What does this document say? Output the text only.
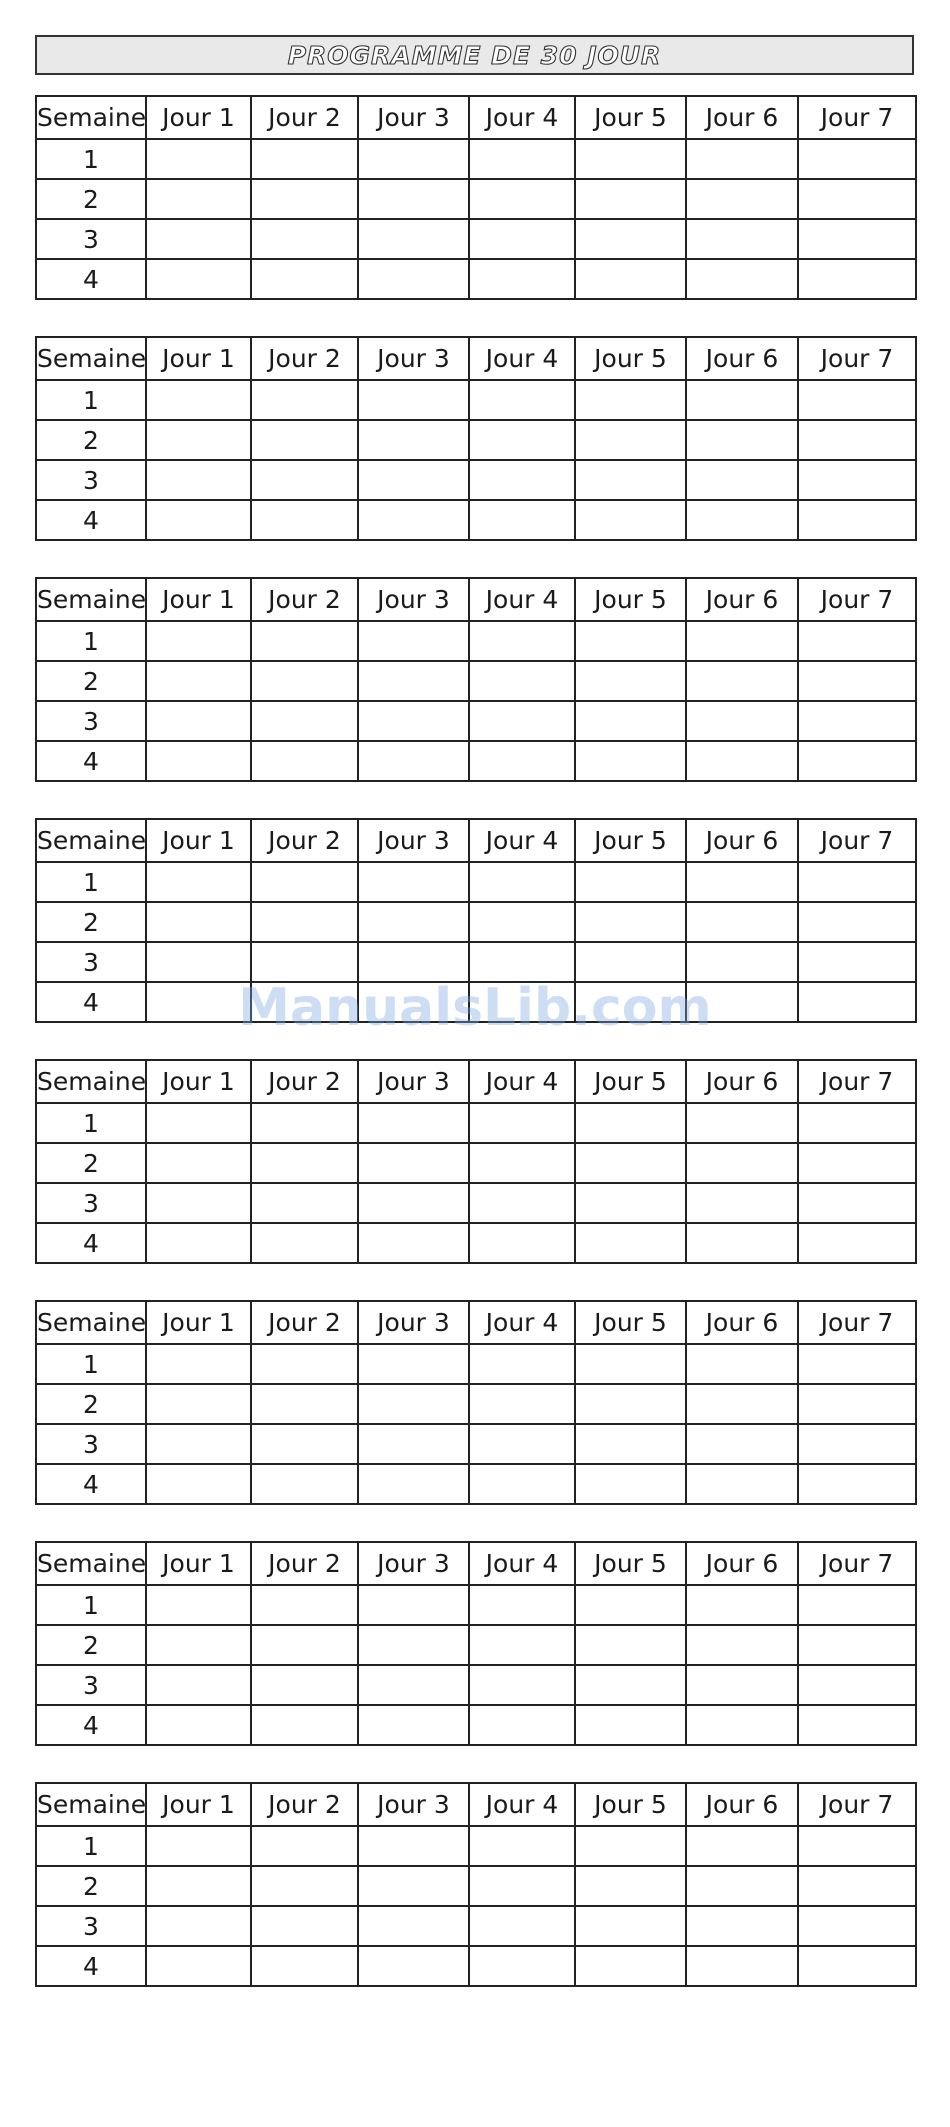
PROGRAMME DE 30 JOUR
Semaine	Jour 1	Jour 2	Jour 3	Jour 4	Jour 5	Jour 6	Jour 7
1							
2							
3							
4							
Semaine	Jour 1	Jour 2	Jour 3	Jour 4	Jour 5	Jour 6	Jour 7
1							
2							
3							
4							
Semaine	Jour 1	Jour 2	Jour 3	Jour 4	Jour 5	Jour 6	Jour 7
1							
2							
3							
4							
Semaine	Jour 1	Jour 2	Jour 3	Jour 4	Jour 5	Jour 6	Jour 7
1							
2							
3							
4							
Semaine	Jour 1	Jour 2	Jour 3	Jour 4	Jour 5	Jour 6	Jour 7
1							
2							
3							
4							
Semaine	Jour 1	Jour 2	Jour 3	Jour 4	Jour 5	Jour 6	Jour 7
1							
2							
3							
4							
Semaine	Jour 1	Jour 2	Jour 3	Jour 4	Jour 5	Jour 6	Jour 7
1							
2							
3							
4							
Semaine	Jour 1	Jour 2	Jour 3	Jour 4	Jour 5	Jour 6	Jour 7
1							
2							
3							
4							
ManualsLib.com
